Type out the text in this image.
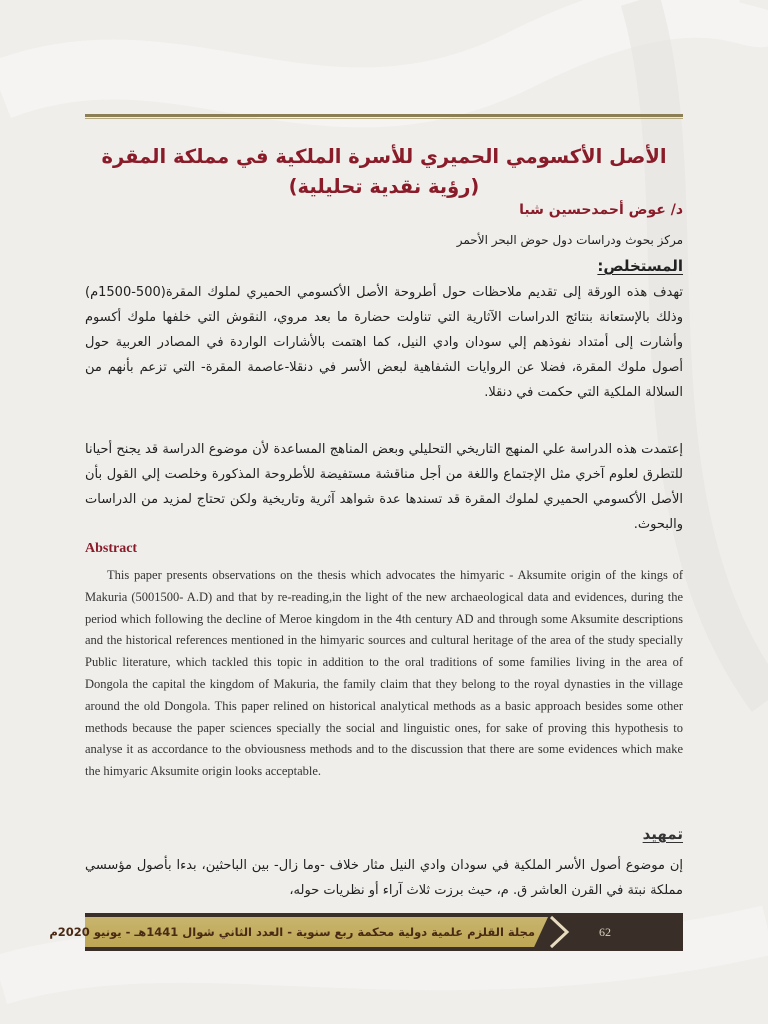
الأصل الأكسومي الحميري للأسرة الملكية في مملكة المقرة
(رؤية نقدية تحليلية)
د/ عوض أحمدحسين شبا
مركز بحوث ودراسات دول حوض البحر الأحمر
المستخلص:
تهدف هذه الورقة إلى تقديم ملاحظات حول أطروحة الأصل الأكسومي الحميري لملوك المقرة(500-1500م) وذلك بالإستعانة بنتائج الدراسات الآثارية التي تناولت حضارة ما بعد مروي، النقوش التي خلفها ملوك أكسوم وأشارت إلى أمتداد نفوذهم إلي سودان وادي النيل، كما اهتمت بالأشارات الواردة في المصادر العربية حول أصول ملوك المقرة، فضلا عن الروايات الشفاهية لبعض الأسر في دنقلا-عاصمة المقرة- التي تزعم بأنهم من السلالة الملكية التي حكمت في دنقلا.
إعتمدت هذه الدراسة علي المنهج التاريخي التحليلي وبعض المناهج المساعدة لأن موضوع الدراسة قد يجنح أحيانا للتطرق لعلوم آخري مثل الإجتماع واللغة من أجل مناقشة مستفيضة للأطروحة المذكورة وخلصت إلي القول بأن الأصل الأكسومي الحميري لملوك المقرة قد تسندها عدة شواهد آثرية وتاريخية ولكن تحتاج لمزيد من الدراسات والبحوث.
Abstract
This paper presents observations on the thesis which advocates the himyaric - Aksumite origin of the kings of Makuria (5001500- A.D) and that by re-reading,in the light of the new archaeological data and evidences, during the period which following the decline of Meroe kingdom in the 4th century AD and through some Aksumite descriptions and the historical references mentioned in the himyaric sources and cultural heritage of the area of the study specially Public literature, which tackled this topic in addition to the oral traditions of some families living in the area of Dongola the capital the kingdom of Makuria, the family claim that they belong to the royal dynasties in the village around the old Dongola. This paper relined on historical analytical methods as a basic approach besides some other methods because the paper sciences specially the social and linguistic ones, for sake of proving this hypothesis to analyse it as accordance to the obviousness methods and to the discussion that there are some evidences which make the himyaric Aksumite origin looks acceptable.
تمهيد
إن موضوع أصول الأسر الملكية في سودان وادي النيل مثار خلاف -وما زال- بين الباحثين، بدءا بأصول مؤسسي مملكة نبتة في القرن العاشر ق. م، حيث برزت ثلاث آراء أو نظريات حوله،
مجلة القلزم علمية دولية محكمة ربع سنوية - العدد الثاني شوال 1441هـ - يونيو 2020م	62
